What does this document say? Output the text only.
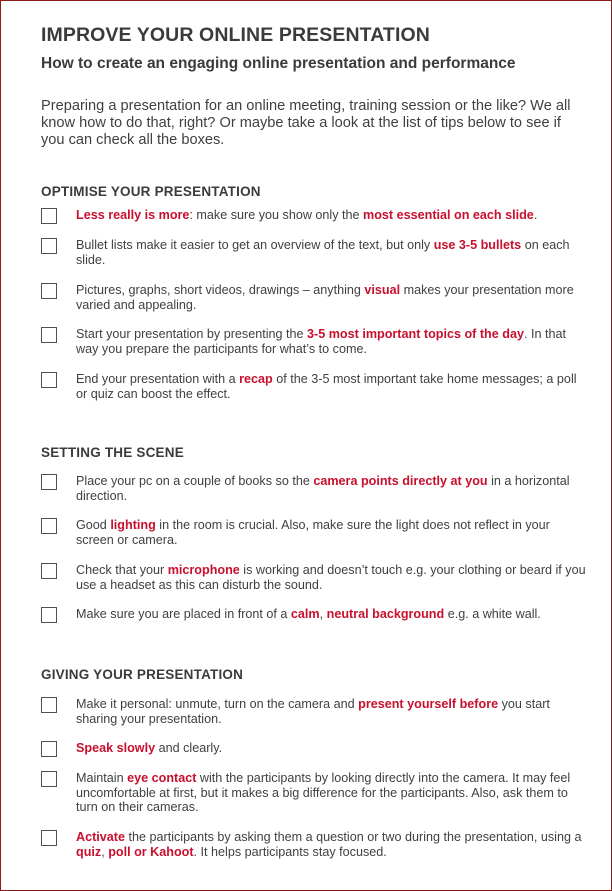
IMPROVE YOUR ONLINE PRESENTATION
How to create an engaging online presentation and performance
Preparing a presentation for an online meeting, training session or the like? We all know how to do that, right? Or maybe take a look at the list of tips below to see if you can check all the boxes.
OPTIMISE YOUR PRESENTATION
Less really is more: make sure you show only the most essential on each slide.
Bullet lists make it easier to get an overview of the text, but only use 3-5 bullets on each slide.
Pictures, graphs, short videos, drawings – anything visual makes your presentation more varied and appealing.
Start your presentation by presenting the 3-5 most important topics of the day. In that way you prepare the participants for what’s to come.
End your presentation with a recap of the 3-5 most important take home messages; a poll or quiz can boost the effect.
SETTING THE SCENE
Place your pc on a couple of books so the camera points directly at you in a horizontal direction.
Good lighting in the room is crucial. Also, make sure the light does not reflect in your screen or camera.
Check that your microphone is working and doesn’t touch e.g. your clothing or beard if you use a headset as this can disturb the sound.
Make sure you are placed in front of a calm, neutral background e.g. a white wall.
GIVING YOUR PRESENTATION
Make it personal: unmute, turn on the camera and present yourself before you start sharing your presentation.
Speak slowly and clearly.
Maintain eye contact with the participants by looking directly into the camera. It may feel uncomfortable at first, but it makes a big difference for the participants. Also, ask them to turn on their cameras.
Activate the participants by asking them a question or two during the presentation, using a quiz, poll or Kahoot. It helps participants stay focused.
